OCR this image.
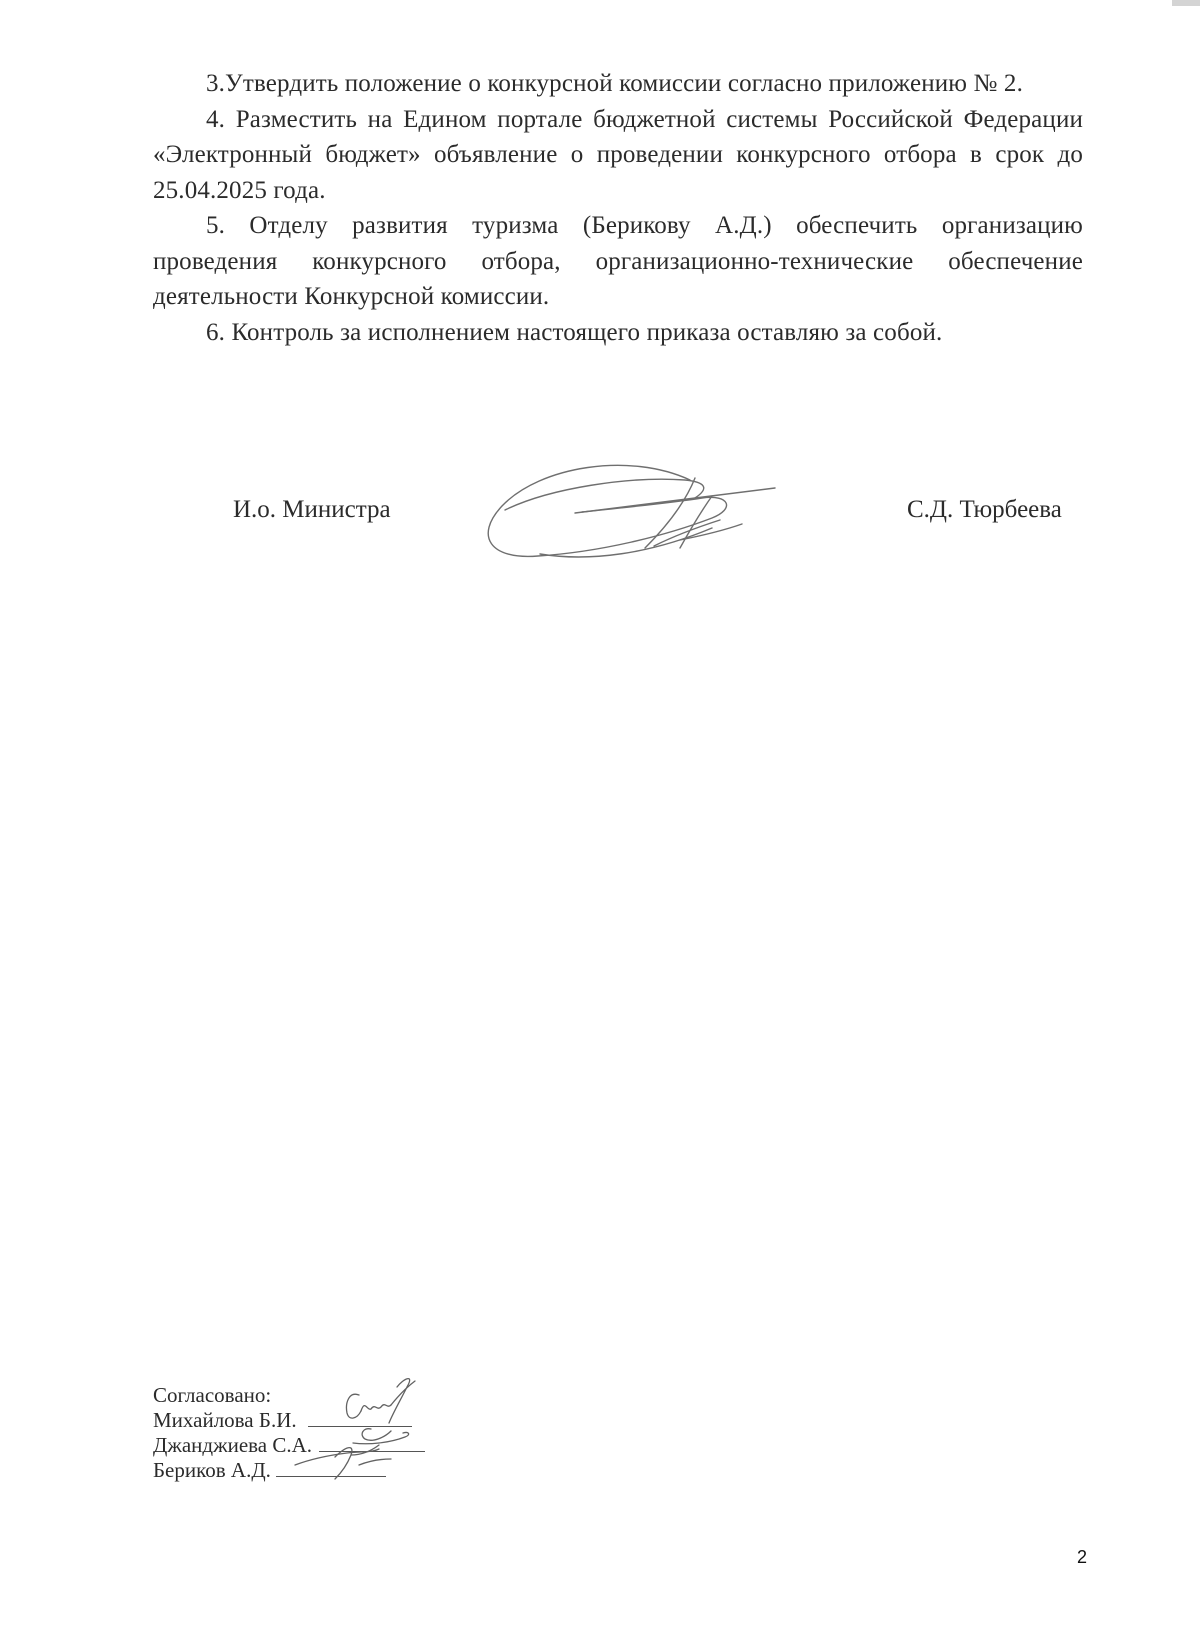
3.Утвердить положение о конкурсной комиссии согласно приложению № 2.

4. Разместить на Едином портале бюджетной системы Российской Федерации «Электронный бюджет» объявление о проведении конкурсного отбора в срок до 25.04.2025 года.

5. Отделу развития туризма (Берикову А.Д.) обеспечить организацию проведения конкурсного отбора, организационно-технические обеспечение деятельности Конкурсной комиссии.

6. Контроль за исполнением настоящего приказа оставляю за собой.

И.о. Министра	С.Д. Тюрбеева
Согласовано:
Михайлова Б.И.
Джанджиева С.А.
Бериков А.Д.
2
